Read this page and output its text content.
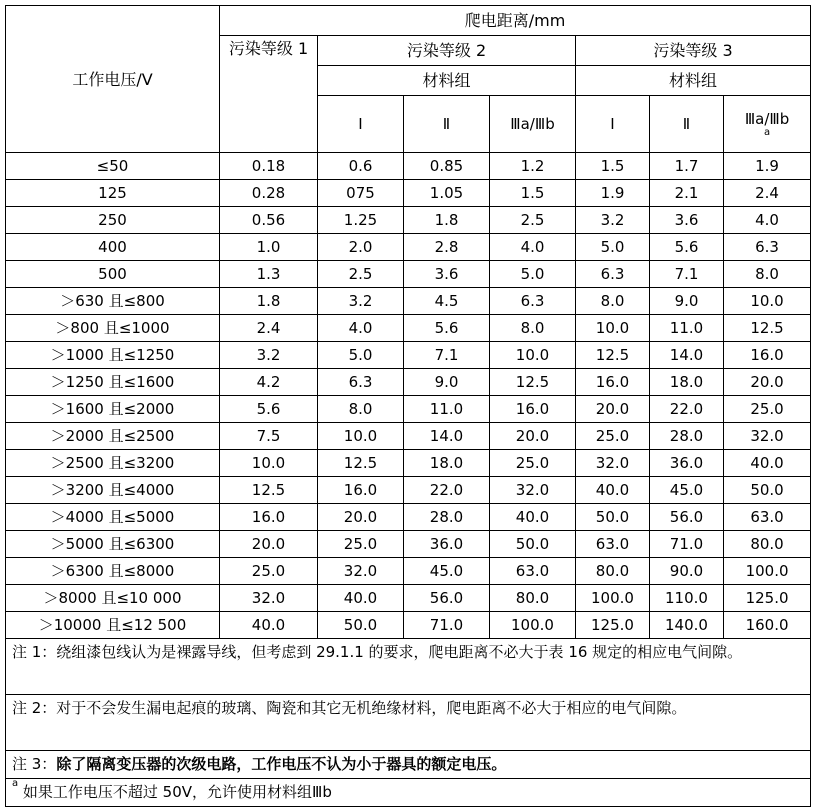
工作电压/V	爬电距离/mm						
	污染等级 1	污染等级 2			污染等级 3		
		材料组			材料组		
		Ⅰ	Ⅱ	Ⅲa/Ⅲb	Ⅰ	Ⅱ	Ⅲa/Ⅲb
a

≤50	0.18	0.6	0.85	1.2	1.5	1.7	1.9
125	0.28	075	1.05	1.5	1.9	2.1	2.4
250	0.56	1.25	1.8	2.5	3.2	3.6	4.0
400	1.0	2.0	2.8	4.0	5.0	5.6	6.3
500	1.3	2.5	3.6	5.0	6.3	7.1	8.0
＞630 且≤800	1.8	3.2	4.5	6.3	8.0	9.0	10.0
＞800 且≤1000	2.4	4.0	5.6	8.0	10.0	11.0	12.5
＞1000 且≤1250	3.2	5.0	7.1	10.0	12.5	14.0	16.0
＞1250 且≤1600	4.2	6.3	9.0	12.5	16.0	18.0	20.0
＞1600 且≤2000	5.6	8.0	11.0	16.0	20.0	22.0	25.0
＞2000 且≤2500	7.5	10.0	14.0	20.0	25.0	28.0	32.0
＞2500 且≤3200	10.0	12.5	18.0	25.0	32.0	36.0	40.0
＞3200 且≤4000	12.5	16.0	22.0	32.0	40.0	45.0	50.0
＞4000 且≤5000	16.0	20.0	28.0	40.0	50.0	56.0	63.0
＞5000 且≤6300	20.0	25.0	36.0	50.0	63.0	71.0	80.0
＞6300 且≤8000	25.0	32.0	45.0	63.0	80.0	90.0	100.0
＞8000 且≤10 000	32.0	40.0	56.0	80.0	100.0	110.0	125.0
＞10000 且≤12 500	40.0	50.0	71.0	100.0	125.0	140.0	160.0
注 1：绕组漆包线认为是裸露导线，但考虑到 29.1.1 的要求，爬电距离不必大于表 16 规定的相应电气间隙。							
注 2：对于不会发生漏电起痕的玻璃、陶瓷和其它无机绝缘材料，爬电距离不必大于相应的电气间隙。							
注 3：除了隔离变压器的次级电路，工作电压不认为小于器具的额定电压。							
$^a$ 如果工作电压不超过 50V，允许使用材料组Ⅲb							
